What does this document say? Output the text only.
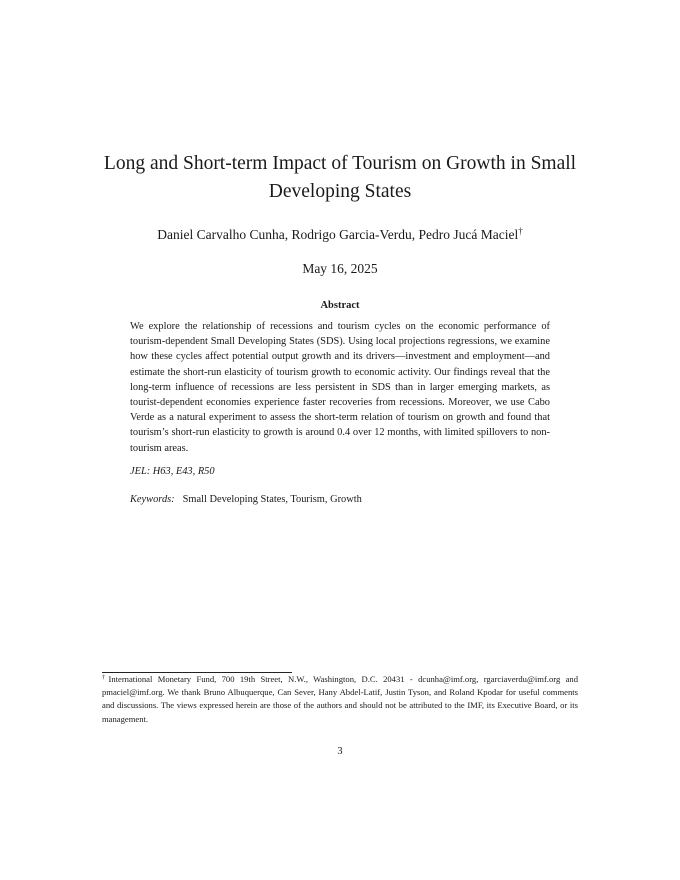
Long and Short-term Impact of Tourism on Growth in Small Developing States
Daniel Carvalho Cunha, Rodrigo Garcia-Verdu, Pedro Jucá Maciel†
May 16, 2025
Abstract

We explore the relationship of recessions and tourism cycles on the economic performance of tourism-dependent Small Developing States (SDS). Using local projections regressions, we examine how these cycles affect potential output growth and its drivers—investment and employment—and estimate the short-run elasticity of tourism growth to economic activity. Our findings reveal that the long-term influence of recessions are less persistent in SDS than in larger emerging markets, as tourist-dependent economies experience faster recoveries from recessions. Moreover, we use Cabo Verde as a natural experiment to assess the short-term relation of tourism on growth and found that tourism’s short-run elasticity to growth is around 0.4 over 12 months, with limited spillovers to non-tourism areas.

JEL: H63, E43, R50
Keywords: Small Developing States, Tourism, Growth

†International Monetary Fund, 700 19th Street, N.W., Washington, D.C. 20431 - dcunha@imf.org, rgarciaverdu@imf.org and pmaciel@imf.org. We thank Bruno Albuquerque, Can Sever, Hany Abdel-Latif, Justin Tyson, and Roland Kpodar for useful comments and discussions. The views expressed herein are those of the authors and should not be attributed to the IMF, its Executive Board, or its management.

3
